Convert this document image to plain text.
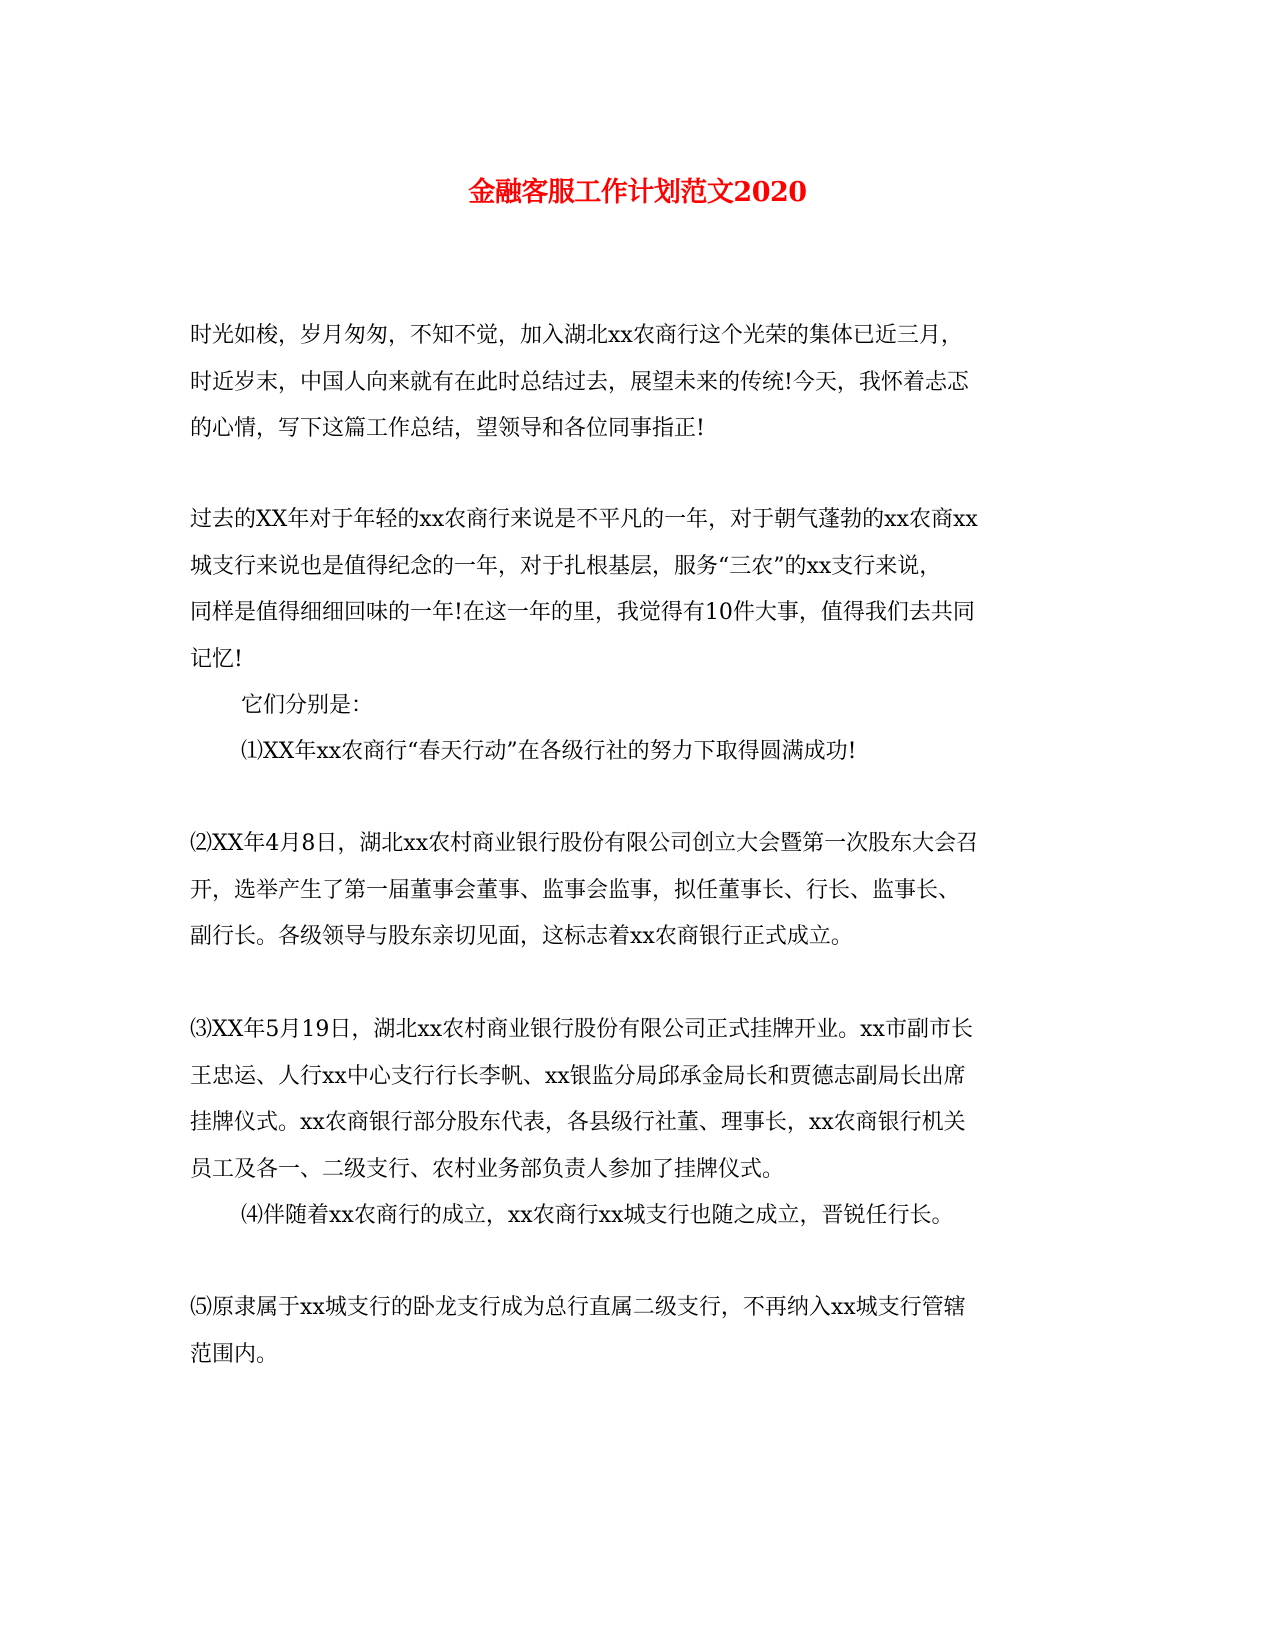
金融客服工作计划范文2020
时光如梭，岁月匆匆，不知不觉，加入湖北xx农商行这个光荣的集体已近三月，
时近岁末，中国人向来就有在此时总结过去，展望未来的传统!今天，我怀着忐忑
的心情，写下这篇工作总结，望领导和各位同事指正!
过去的XX年对于年轻的xx农商行来说是不平凡的一年，对于朝气蓬勃的xx农商xx
城支行来说也是值得纪念的一年，对于扎根基层，服务“三农”的xx支行来说，
同样是值得细细回味的一年!在这一年的里，我觉得有10件大事，值得我们去共同
记忆!
它们分别是：
⑴XX年xx农商行“春天行动”在各级行社的努力下取得圆满成功!
⑵XX年4月8日，湖北xx农村商业银行股份有限公司创立大会暨第一次股东大会召
开，选举产生了第一届董事会董事、监事会监事，拟任董事长、行长、监事长、
副行长。各级领导与股东亲切见面，这标志着xx农商银行正式成立。
⑶XX年5月19日，湖北xx农村商业银行股份有限公司正式挂牌开业。xx市副市长
王忠运、人行xx中心支行行长李帆、xx银监分局邱承金局长和贾德志副局长出席
挂牌仪式。xx农商银行部分股东代表，各县级行社董、理事长，xx农商银行机关
员工及各一、二级支行、农村业务部负责人参加了挂牌仪式。
⑷伴随着xx农商行的成立，xx农商行xx城支行也随之成立，晋锐任行长。
⑸原隶属于xx城支行的卧龙支行成为总行直属二级支行，不再纳入xx城支行管辖
范围内。
